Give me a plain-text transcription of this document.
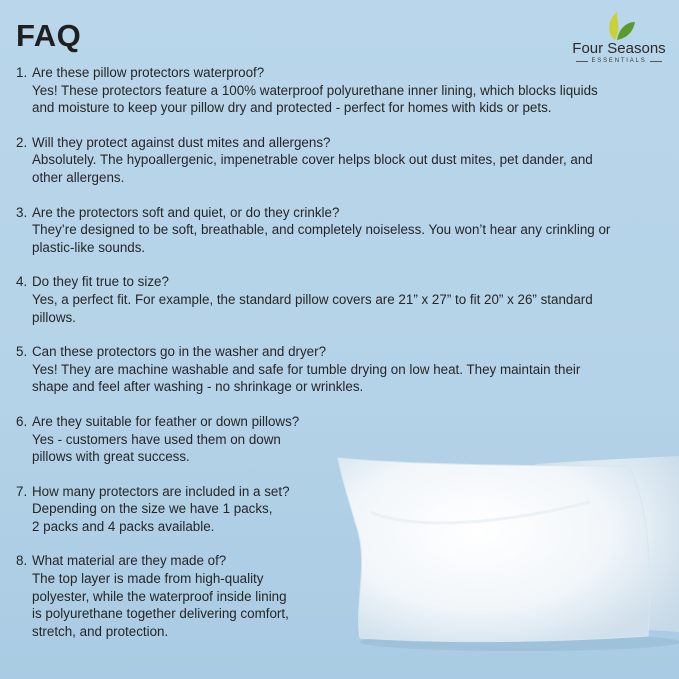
FAQ	Four Seasons
ESSENTIALS
1. Are these pillow protectors waterproof?
Yes! These protectors feature a 100% waterproof polyurethane inner lining, which blocks liquids
and moisture to keep your pillow dry and protected - perfect for homes with kids or pets.
2. Will they protect against dust mites and allergens?
Absolutely. The hypoallergenic, impenetrable cover helps block out dust mites, pet dander, and
other allergens.
3. Are the protectors soft and quiet, or do they crinkle?
They’re designed to be soft, breathable, and completely noiseless. You won’t hear any crinkling or
plastic-like sounds.
4. Do they fit true to size?
Yes, a perfect fit. For example, the standard pillow covers are 21” x 27” to fit 20” x 26” standard
pillows.
5. Can these protectors go in the washer and dryer?
Yes! They are machine washable and safe for tumble drying on low heat. They maintain their
shape and feel after washing - no shrinkage or wrinkles.
6. Are they suitable for feather or down pillows?
Yes - customers have used them on down
pillows with great success.
7. How many protectors are included in a set?
Depending on the size we have 1 packs,
2 packs and 4 packs available.
8. What material are they made of?
The top layer is made from high-quality
polyester, while the waterproof inside lining
is polyurethane together delivering comfort,
stretch, and protection.
